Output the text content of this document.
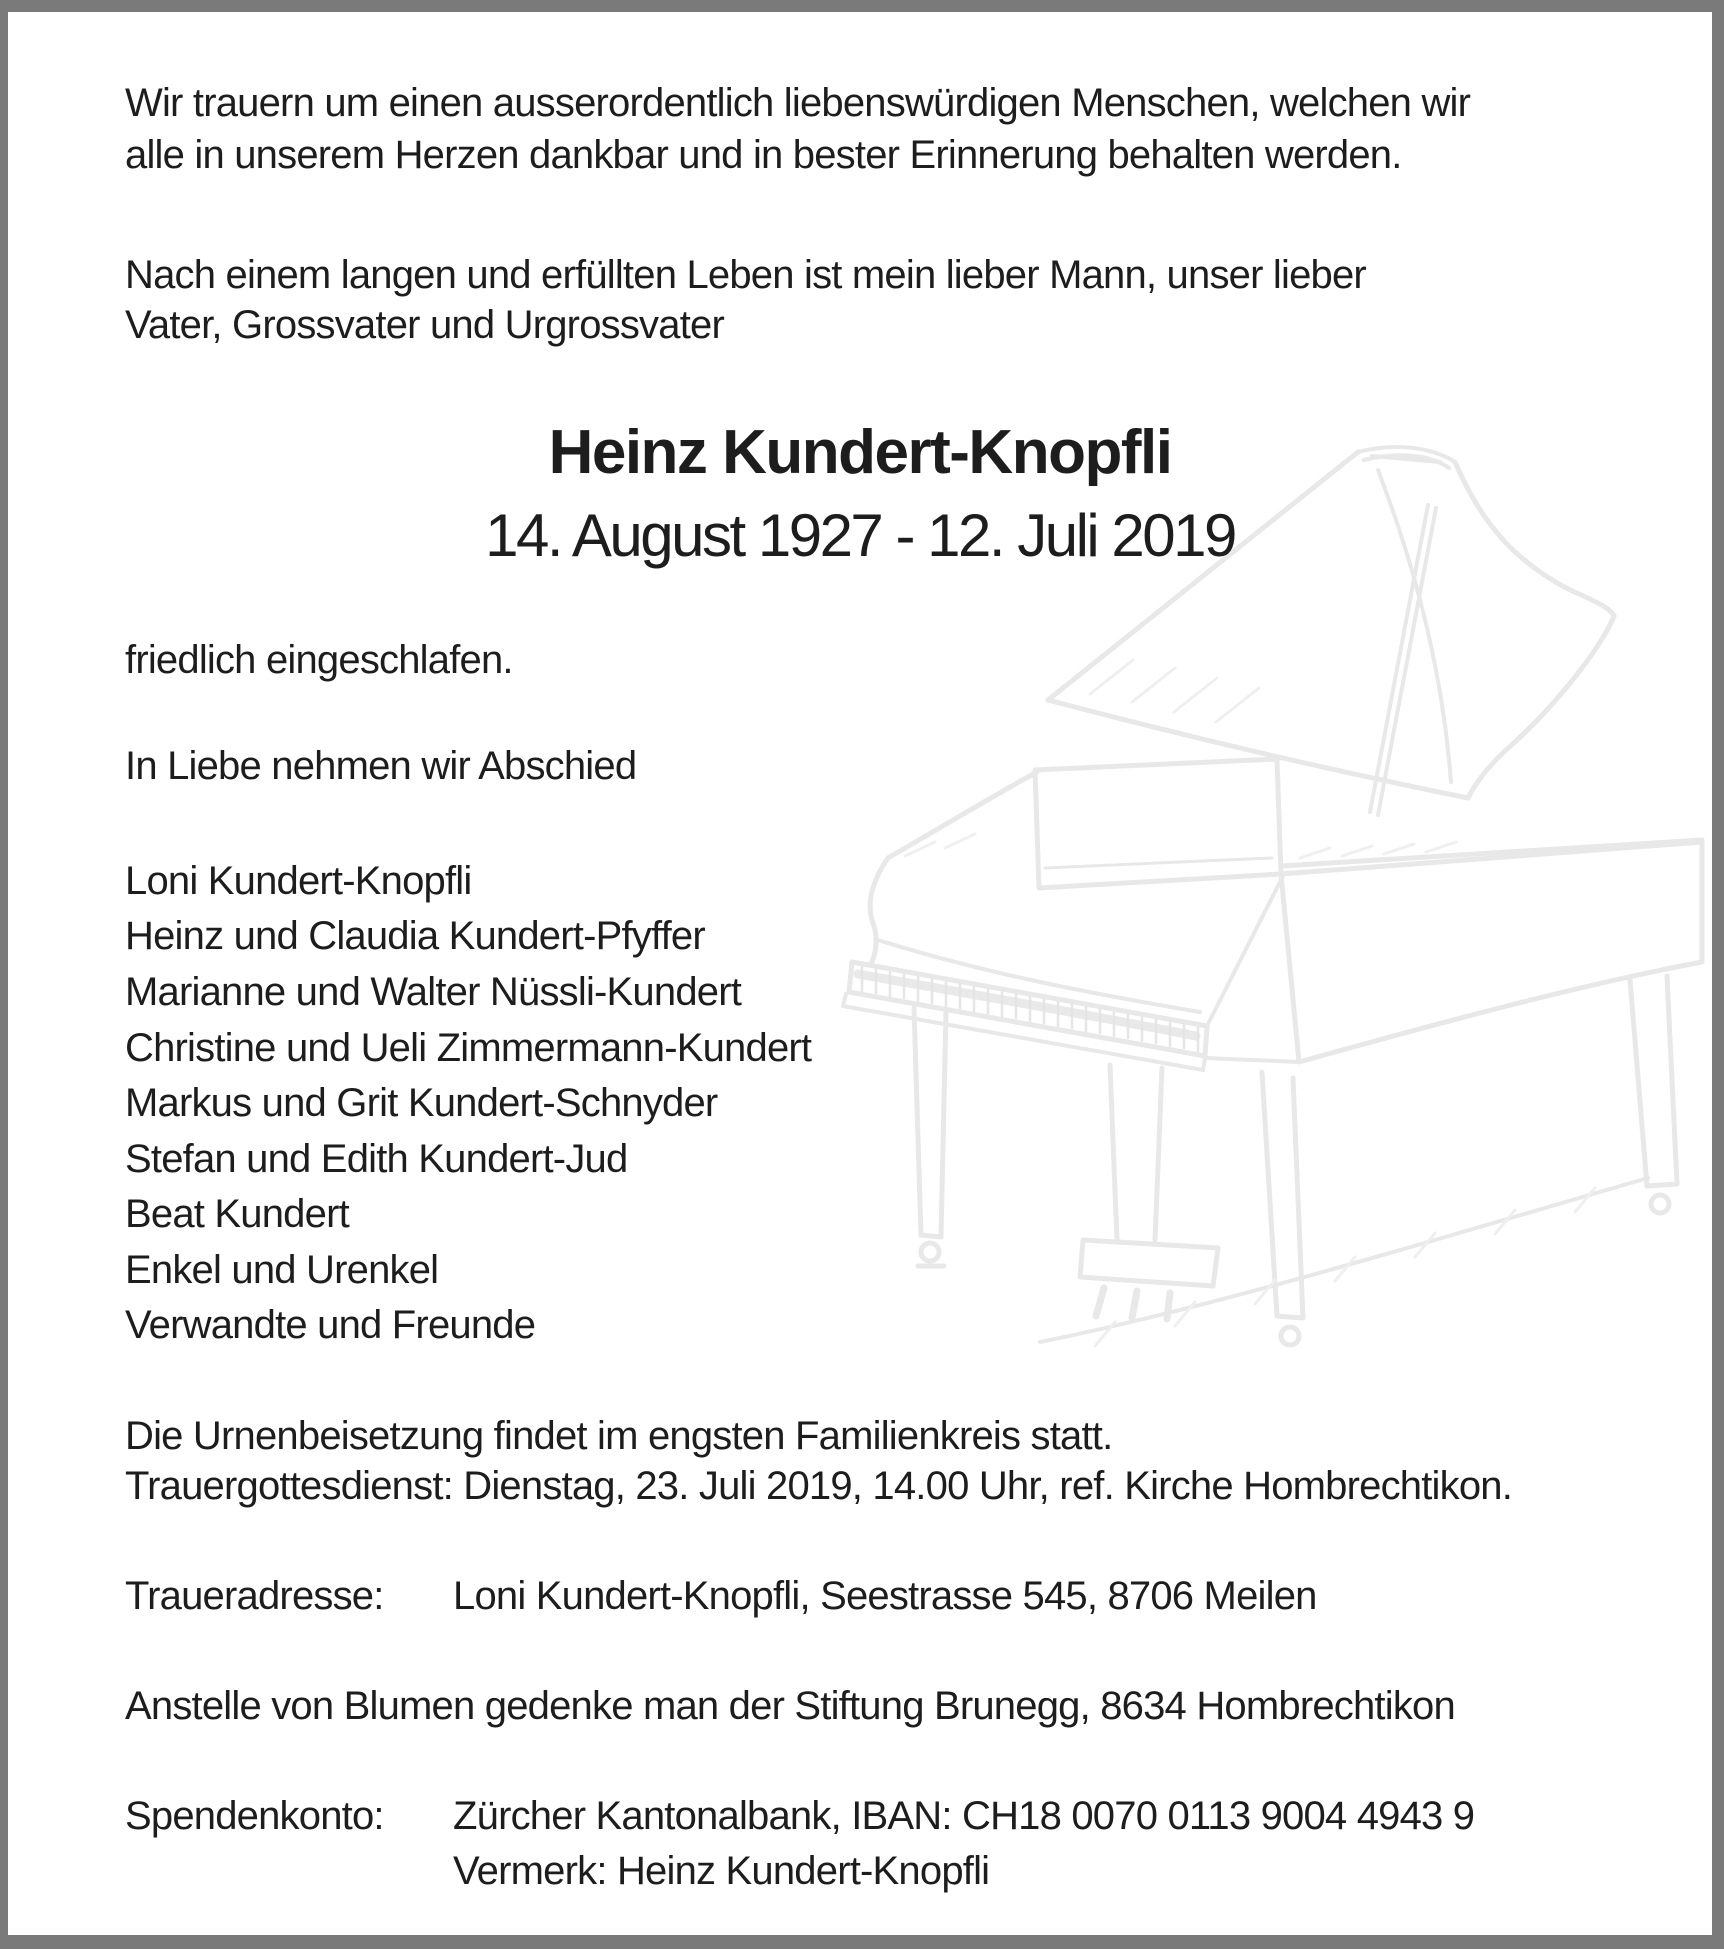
Wir trauern um einen ausserordentlich liebenswürdigen Menschen, welchen wir
alle in unserem Herzen dankbar und in bester Erinnerung behalten werden.
Nach einem langen und erfüllten Leben ist mein lieber Mann, unser lieber
Vater, Grossvater und Urgrossvater
Heinz Kundert-Knopfli
14. August 1927 - 12. Juli 2019
friedlich eingeschlafen.
In Liebe nehmen wir Abschied
Loni Kundert-Knopfli
Heinz und Claudia Kundert-Pfyffer
Marianne und Walter Nüssli-Kundert
Christine und Ueli Zimmermann-Kundert
Markus und Grit Kundert-Schnyder
Stefan und Edith Kundert-Jud
Beat Kundert
Enkel und Urenkel
Verwandte und Freunde
Die Urnenbeisetzung findet im engsten Familienkreis statt.
Trauergottesdienst: Dienstag, 23. Juli 2019, 14.00 Uhr, ref. Kirche Hombrechtikon.
Traueradresse: Loni Kundert-Knopfli, Seestrasse 545, 8706 Meilen
Anstelle von Blumen gedenke man der Stiftung Brunegg, 8634 Hombrechtikon
Spendenkonto: Zürcher Kantonalbank, IBAN: CH18 0070 0113 9004 4943 9
Vermerk: Heinz Kundert-Knopfli
